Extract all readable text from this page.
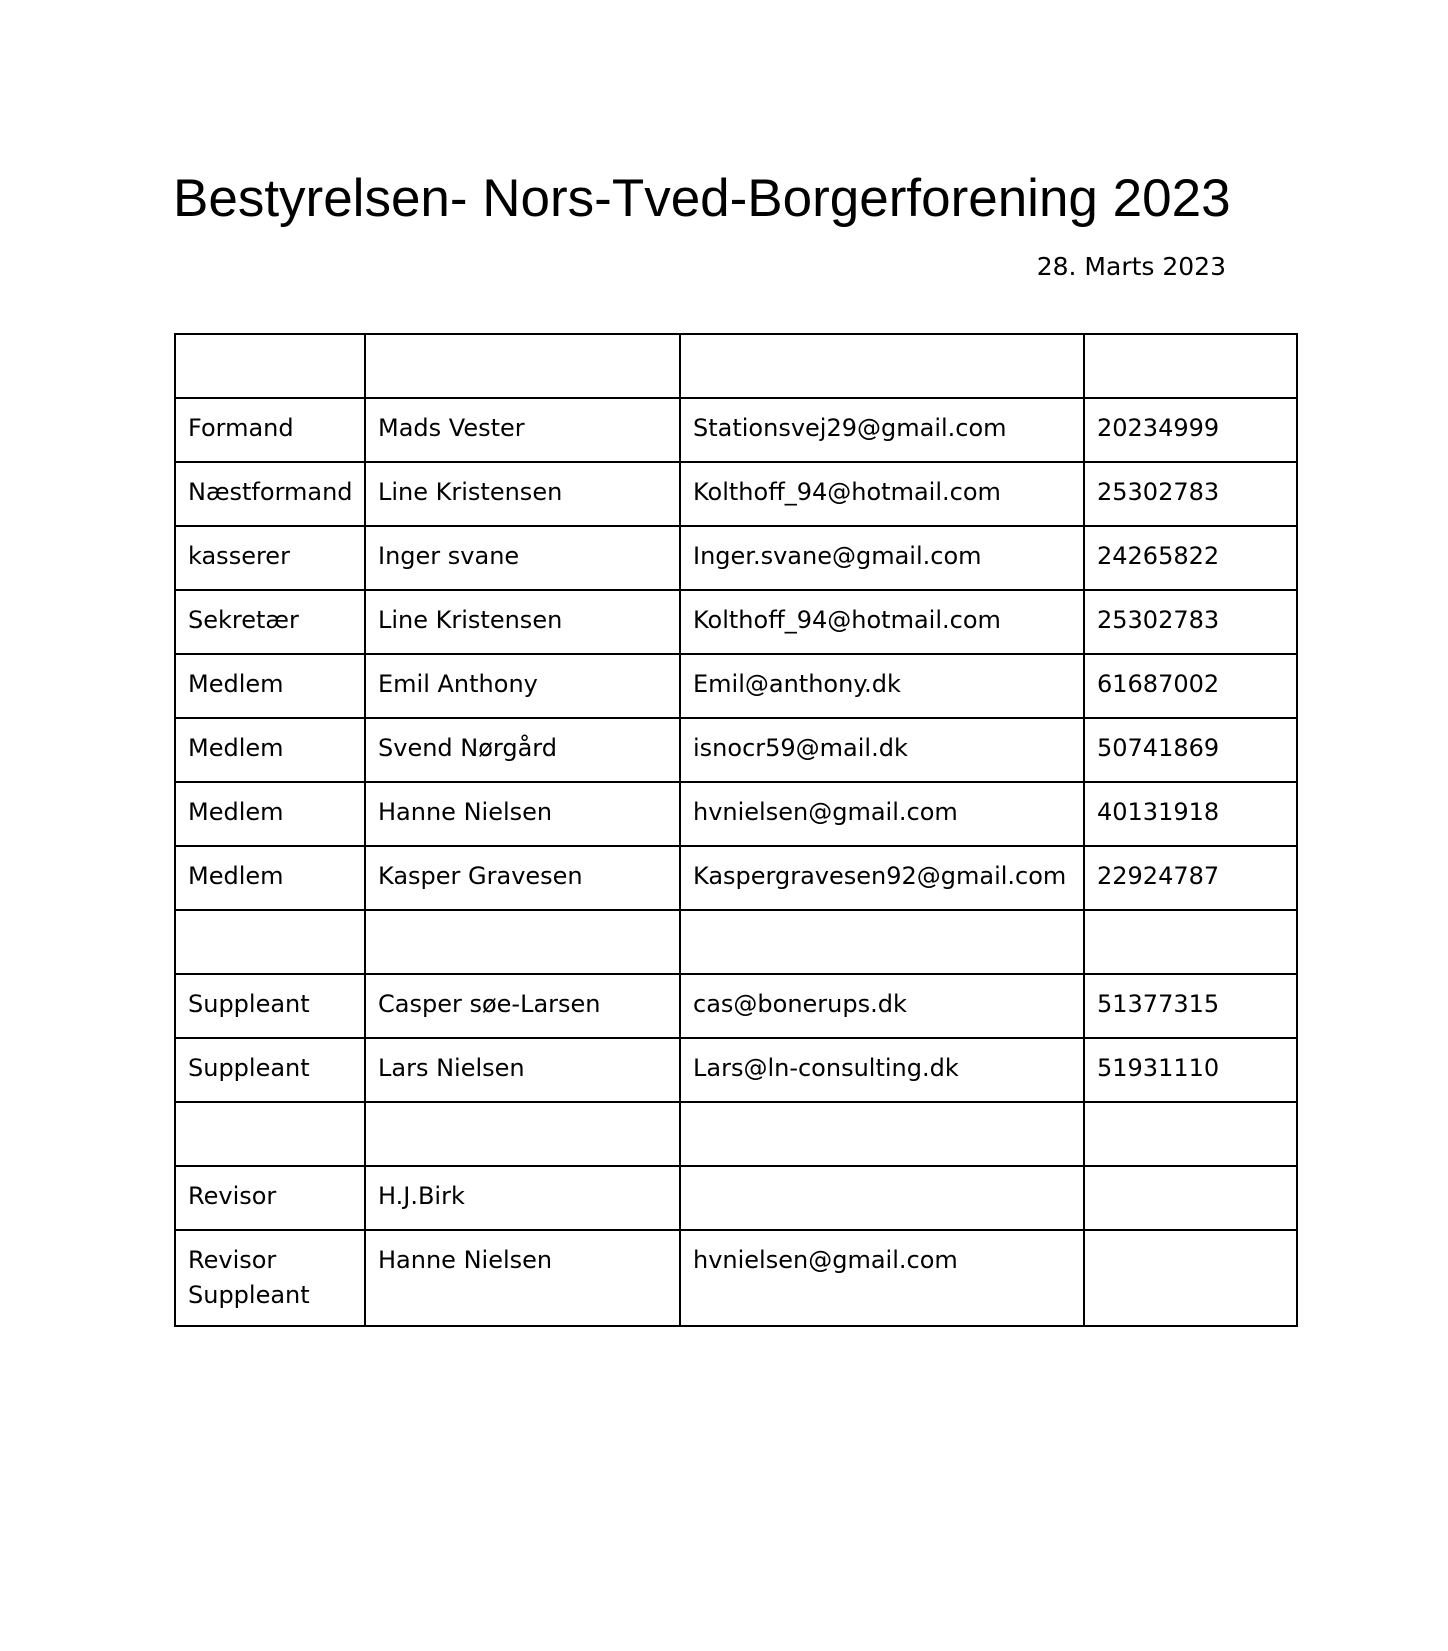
Bestyrelsen- Nors-Tved-Borgerforening 2023
28. Marts 2023

Formand	Mads Vester	Stationsvej29@gmail.com	20234999
Næstformand	Line Kristensen	Kolthoff_94@hotmail.com	25302783
kasserer	Inger svane	Inger.svane@gmail.com	24265822
Sekretær	Line Kristensen	Kolthoff_94@hotmail.com	25302783
Medlem	Emil Anthony	Emil@anthony.dk	61687002
Medlem	Svend Nørgård	isnocr59@mail.dk	50741869
Medlem	Hanne Nielsen	hvnielsen@gmail.com	40131918
Medlem	Kasper Gravesen	Kaspergravesen92@gmail.com	22924787

Suppleant	Casper søe-Larsen	cas@bonerups.dk	51377315
Suppleant	Lars Nielsen	Lars@ln-consulting.dk	51931110

Revisor	H.J.Birk		
Revisor Suppleant	Hanne Nielsen	hvnielsen@gmail.com	
